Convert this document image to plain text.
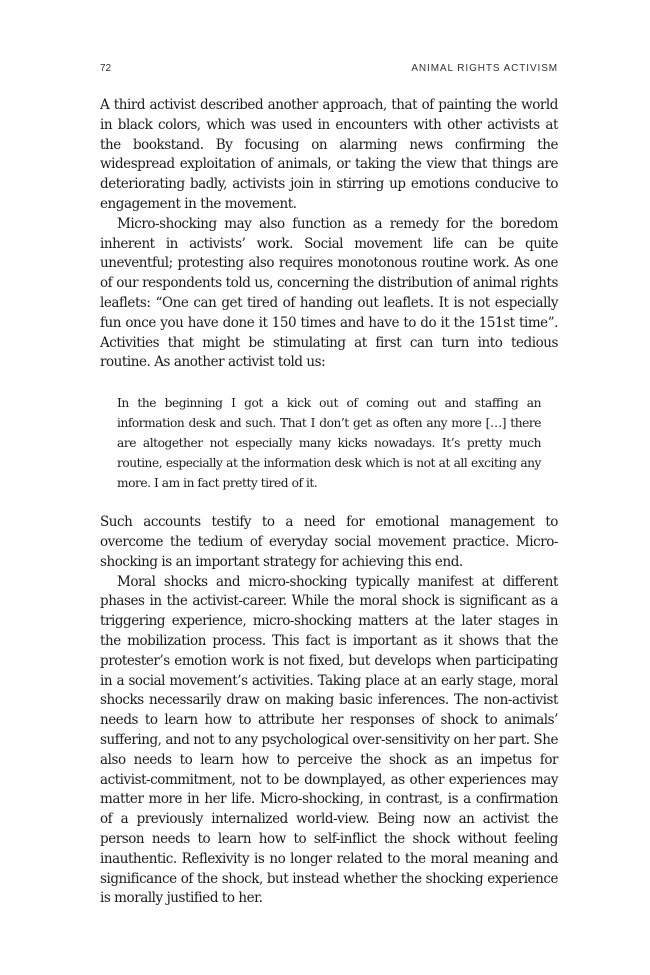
72	ANIMAL RIGHTS ACTIVISM

A third activist described another approach, that of painting the world in black colors, which was used in encounters with other activists at the bookstand. By focusing on alarming news confirming the widespread exploitation of animals, or taking the view that things are deteriorating badly, activists join in stirring up emotions conducive to engagement in the movement.

Micro-shocking may also function as a remedy for the boredom inherent in activists’ work. Social movement life can be quite uneventful; protesting also requires monotonous routine work. As one of our respondents told us, concerning the distribution of animal rights leaflets: “One can get tired of handing out leaflets. It is not especially fun once you have done it 150 times and have to do it the 151st time”. Activities that might be stimulating at first can turn into tedious routine. As another activist told us:

In the beginning I got a kick out of coming out and staffing an information desk and such. That I don’t get as often any more […] there are altogether not especially many kicks nowadays. It’s pretty much routine, especially at the information desk which is not at all exciting any more. I am in fact pretty tired of it.

Such accounts testify to a need for emotional management to overcome the tedium of everyday social movement practice. Micro-shocking is an important strategy for achieving this end.

Moral shocks and micro-shocking typically manifest at different phases in the activist-career. While the moral shock is significant as a triggering experience, micro-shocking matters at the later stages in the mobilization process. This fact is important as it shows that the protester’s emotion work is not fixed, but develops when participating in a social movement’s activities. Taking place at an early stage, moral shocks necessarily draw on making basic inferences. The non-activist needs to learn how to attribute her responses of shock to animals’ suffering, and not to any psychological over-sensitivity on her part. She also needs to learn how to perceive the shock as an impetus for activist-commitment, not to be downplayed, as other experiences may matter more in her life. Micro-shocking, in contrast, is a confirmation of a previously internalized world-view. Being now an activist the person needs to learn how to self-inflict the shock without feeling inauthentic. Reflexivity is no longer related to the moral meaning and significance of the shock, but instead whether the shocking experience is morally justified to her.
